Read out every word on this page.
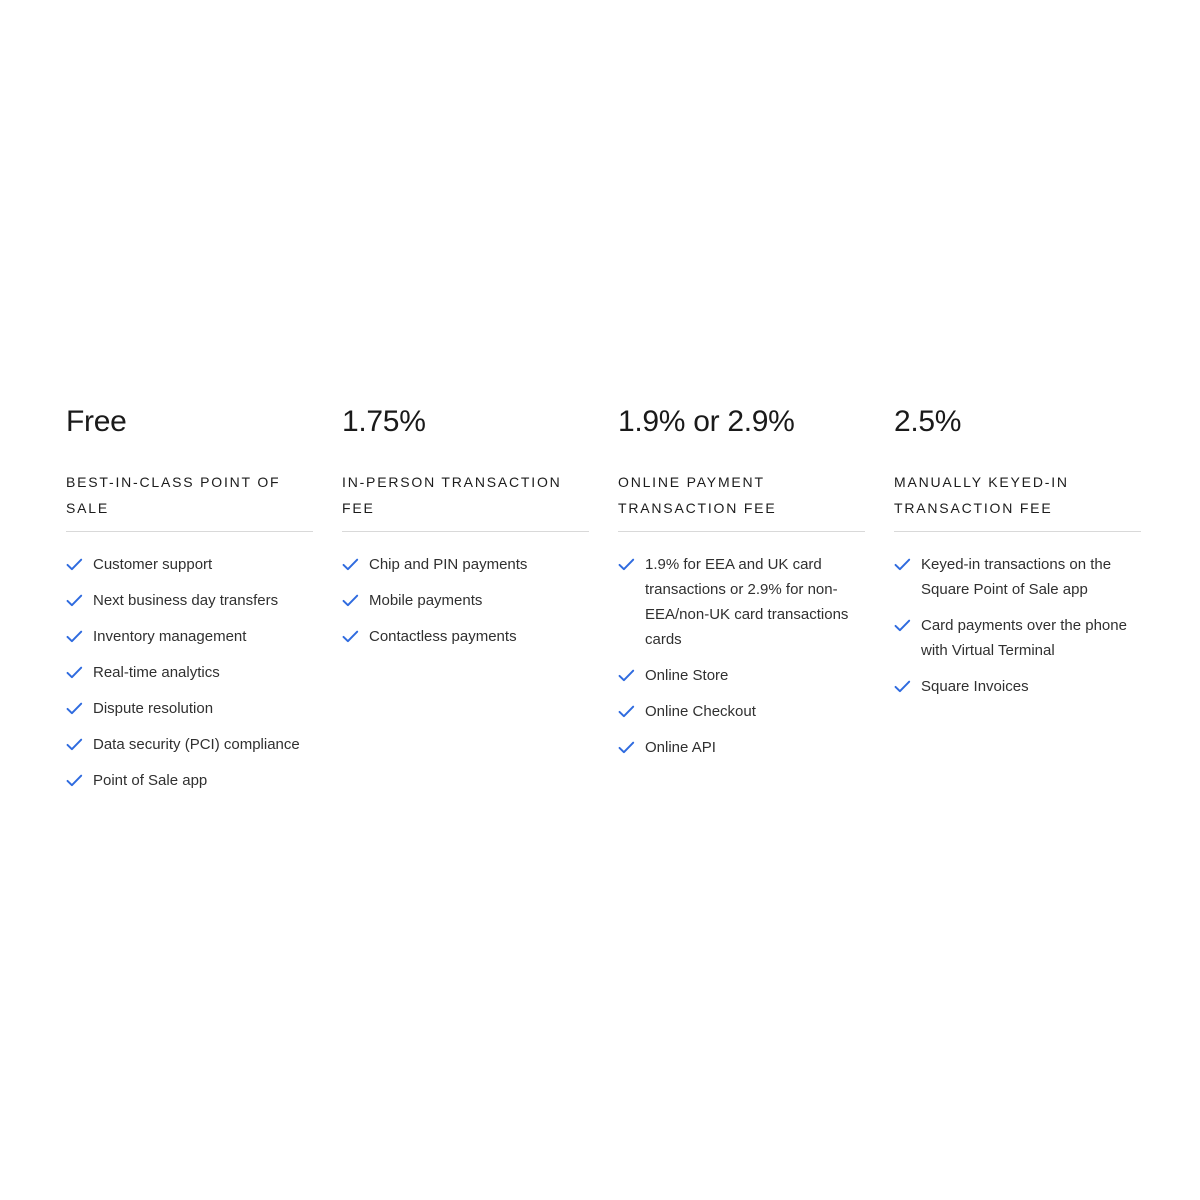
Free
BEST-IN-CLASS POINT OF SALE
Customer support
Next business day transfers
Inventory management
Real-time analytics
Dispute resolution
Data security (PCI) compliance
Point of Sale app
1.75%
IN-PERSON TRANSACTION FEE
Chip and PIN payments
Mobile payments
Contactless payments
1.9% or 2.9%
ONLINE PAYMENT TRANSACTION FEE
1.9% for EEA and UK card transactions or 2.9% for non-EEA/non-UK card transactions cards
Online Store
Online Checkout
Online API
2.5%
MANUALLY KEYED-IN TRANSACTION FEE
Keyed-in transactions on the Square Point of Sale app
Card payments over the phone with Virtual Terminal
Square Invoices
